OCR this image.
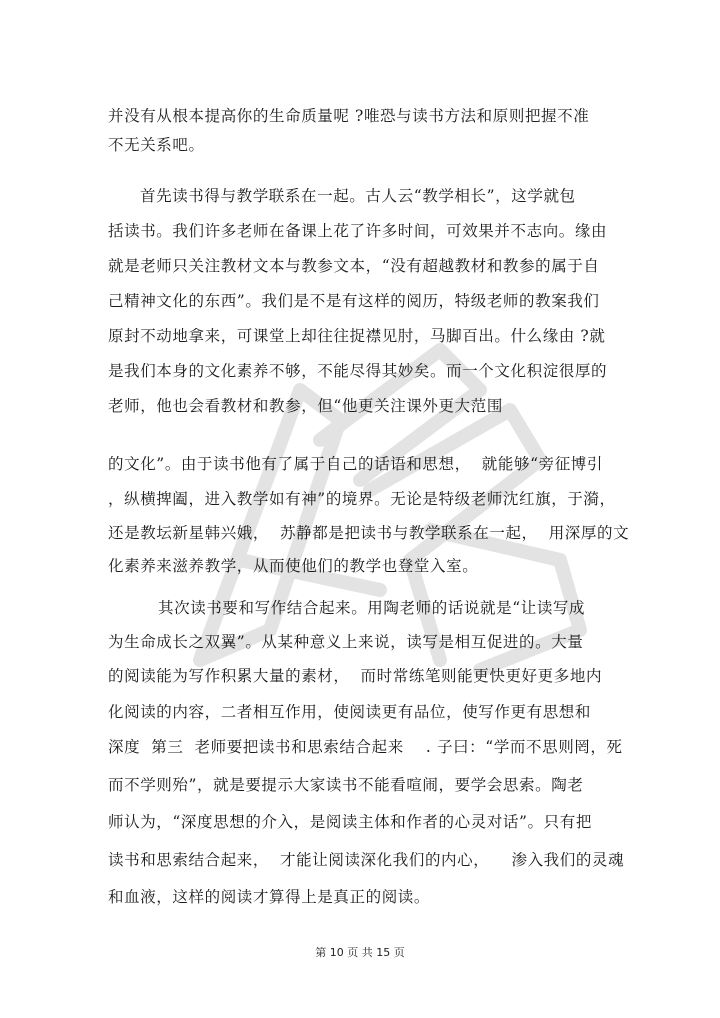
并没有从根本提高你的生命质量呢 ?唯恐与读书方法和原则把握不准
不无关系吧。
首先读书得与教学联系在一起。古人云“教学相长”，这学就包
括读书。我们许多老师在备课上花了许多时间，可效果并不志向。缘由
就是老师只关注教材文本与教参文本，“没有超越教材和教参的属于自
己精神文化的东西”。我们是不是有这样的阅历，特级老师的教案我们
原封不动地拿来，可课堂上却往往捉襟见肘，马脚百出。什么缘由 ?就
是我们本身的文化素养不够，不能尽得其妙矣。而一个文化积淀很厚的
老师，他也会看教材和教参，但“他更关注课外更大范围
的文化”。由于读书他有了属于自己的话语和思想，  就能够“旁征博引
，纵横捭阖，进入教学如有神”的境界。无论是特级老师沈红旗，于漪，
还是教坛新星韩兴娥，  苏静都是把读书与教学联系在一起，  用深厚的文
化素养来滋养教学，从而使他们的教学也登堂入室。
其次读书要和写作结合起来。用陶老师的话说就是“让读写成
为生命成长之双翼”。从某种意义上来说，读写是相互促进的。大量
的阅读能为写作积累大量的素材，  而时常练笔则能更快更好更多地内
化阅读的内容，二者相互作用，使阅读更有品位，使写作更有思想和
深度  第三  老师要把读书和思索结合起来    . 子曰：“学而不思则罔，死
而不学则殆”，就是要提示大家读书不能看喧闹，要学会思索。陶老
师认为，“深度思想的介入，是阅读主体和作者的心灵对话”。只有把
读书和思索结合起来，  才能让阅读深化我们的内心，    渗入我们的灵魂
和血液，这样的阅读才算得上是真正的阅读。
第 10 页 共 15 页
